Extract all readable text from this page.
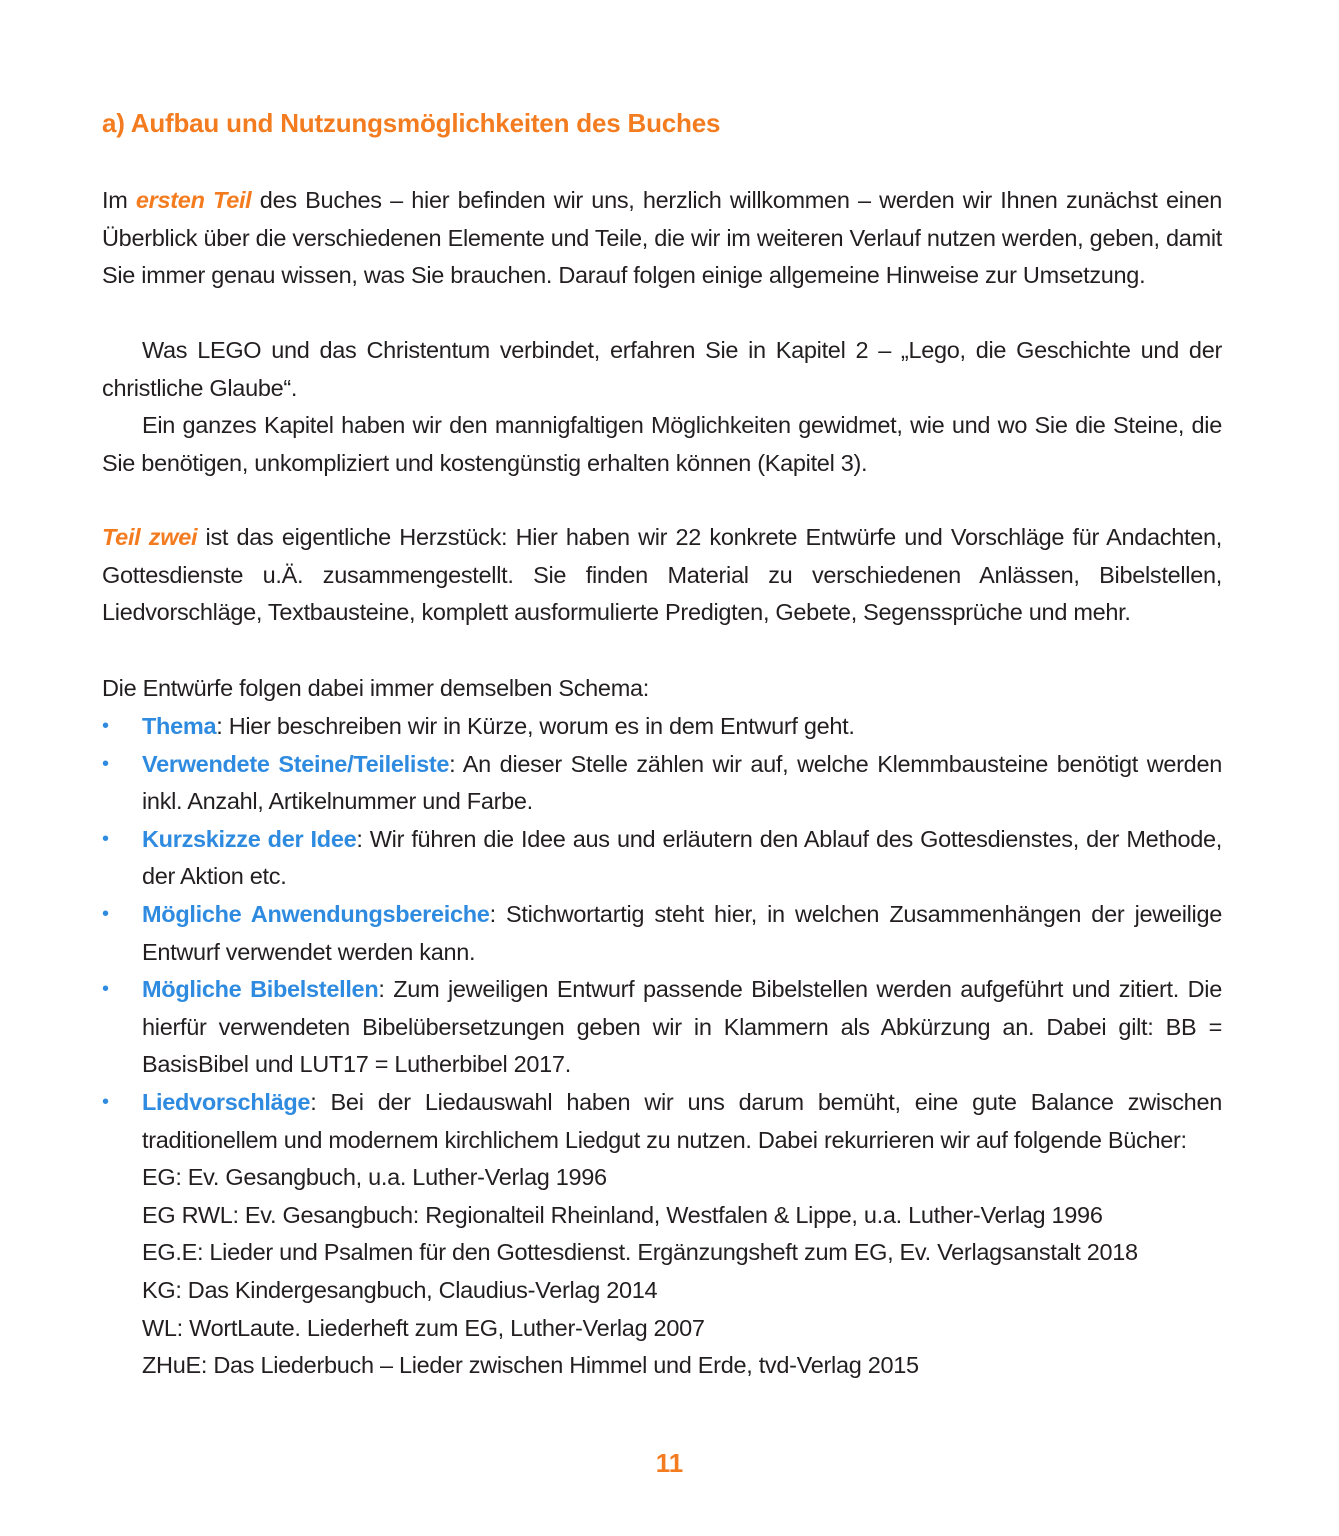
a) Aufbau und Nutzungsmöglichkeiten des Buches

Im ersten Teil des Buches – hier befinden wir uns, herzlich willkommen – werden wir Ihnen zunächst einen Überblick über die verschiedenen Elemente und Teile, die wir im weiteren Verlauf nutzen werden, geben, damit Sie immer genau wissen, was Sie brauchen. Darauf folgen einige allgemeine Hinweise zur Umsetzung.

Was LEGO und das Christentum verbindet, erfahren Sie in Kapitel 2 – „Lego, die Geschichte und der christliche Glaube“.

Ein ganzes Kapitel haben wir den mannigfaltigen Möglichkeiten gewidmet, wie und wo Sie die Steine, die Sie benötigen, unkompliziert und kostengünstig erhalten können (Kapitel 3).

Teil zwei ist das eigentliche Herzstück: Hier haben wir 22 konkrete Entwürfe und Vorschläge für Andachten, Gottesdienste u.Ä. zusammengestellt. Sie finden Material zu verschiedenen Anlässen, Bibelstellen, Liedvorschläge, Textbausteine, komplett ausformulierte Predigten, Gebete, Segenssprüche und mehr.

Die Entwürfe folgen dabei immer demselben Schema:

• Thema: Hier beschreiben wir in Kürze, worum es in dem Entwurf geht.
• Verwendete Steine/Teileliste: An dieser Stelle zählen wir auf, welche Klemmbausteine benötigt werden inkl. Anzahl, Artikelnummer und Farbe.
• Kurzskizze der Idee: Wir führen die Idee aus und erläutern den Ablauf des Gottesdienstes, der Methode, der Aktion etc.
• Mögliche Anwendungsbereiche: Stichwortartig steht hier, in welchen Zusammenhängen der jeweilige Entwurf verwendet werden kann.
• Mögliche Bibelstellen: Zum jeweiligen Entwurf passende Bibelstellen werden aufgeführt und zitiert. Die hierfür verwendeten Bibelübersetzungen geben wir in Klammern als Abkürzung an. Dabei gilt: BB = BasisBibel und LUT17 = Lutherbibel 2017.
• Liedvorschläge: Bei der Liedauswahl haben wir uns darum bemüht, eine gute Balance zwischen traditionellem und modernem kirchlichem Liedgut zu nutzen. Dabei rekurrieren wir auf folgende Bücher:
EG: Ev. Gesangbuch, u.a. Luther-Verlag 1996
EG RWL: Ev. Gesangbuch: Regionalteil Rheinland, Westfalen & Lippe, u.a. Luther-Verlag 1996
EG.E: Lieder und Psalmen für den Gottesdienst. Ergänzungsheft zum EG, Ev. Verlagsanstalt 2018
KG: Das Kindergesangbuch, Claudius-Verlag 2014
WL: WortLaute. Liederheft zum EG, Luther-Verlag 2007
ZHuE: Das Liederbuch – Lieder zwischen Himmel und Erde, tvd-Verlag 2015
11
